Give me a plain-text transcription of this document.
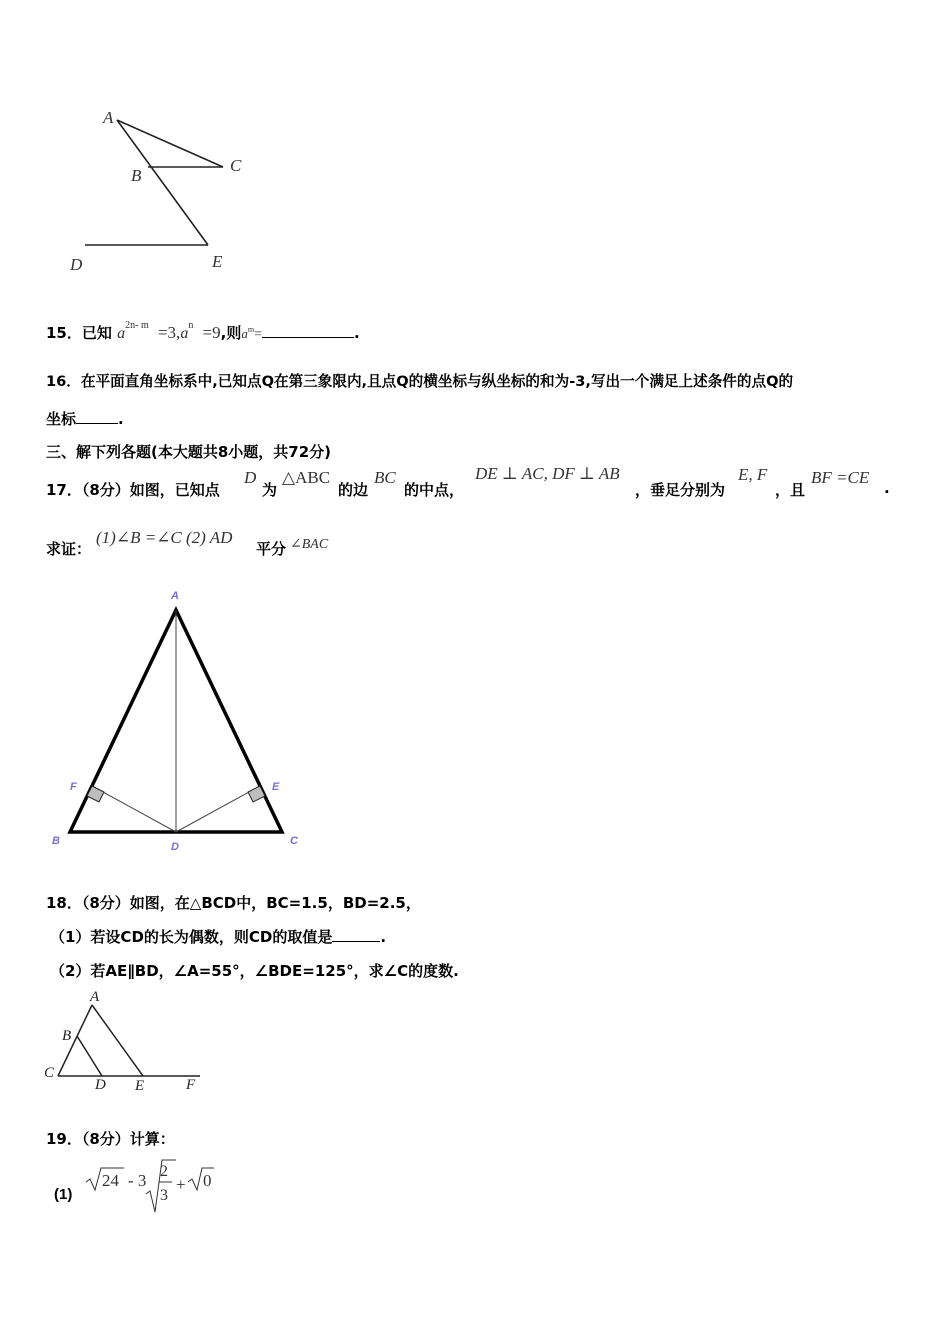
A
B
C
D	E
15．已知 $a^{2n- m} =3,a^n =9$,则$a^m=$	.
16．在平面直角坐标系中,已知点Q在第三象限内,且点Q的横坐标与纵坐标的和为-3,写出一个满足上述条件的点Q的
坐标	.
三、解下列各题(本大题共8小题，共72分)
17．（8分）如图，已知点
D
为
△ABC
的边
BC
的中点，
DE ⊥ AC, DF ⊥ AB
，垂足分别为
E, F
，且
BF =CE
.
求证：
(1)∠B =∠C (2) AD
平分 ∠BAC
A
B	C
D
E
F
18．（8分）如图，在△BCD中，BC=1.5，BD=2.5，
（1）若设CD的长为偶数，则CD的取值是	.
（2）若AE∥BD，∠A=55°，∠BDE=125°，求∠C的度数.
A
B
C
D E	F
19．（8分）计算：
(1)
24 - 3 2
3
+ 0
